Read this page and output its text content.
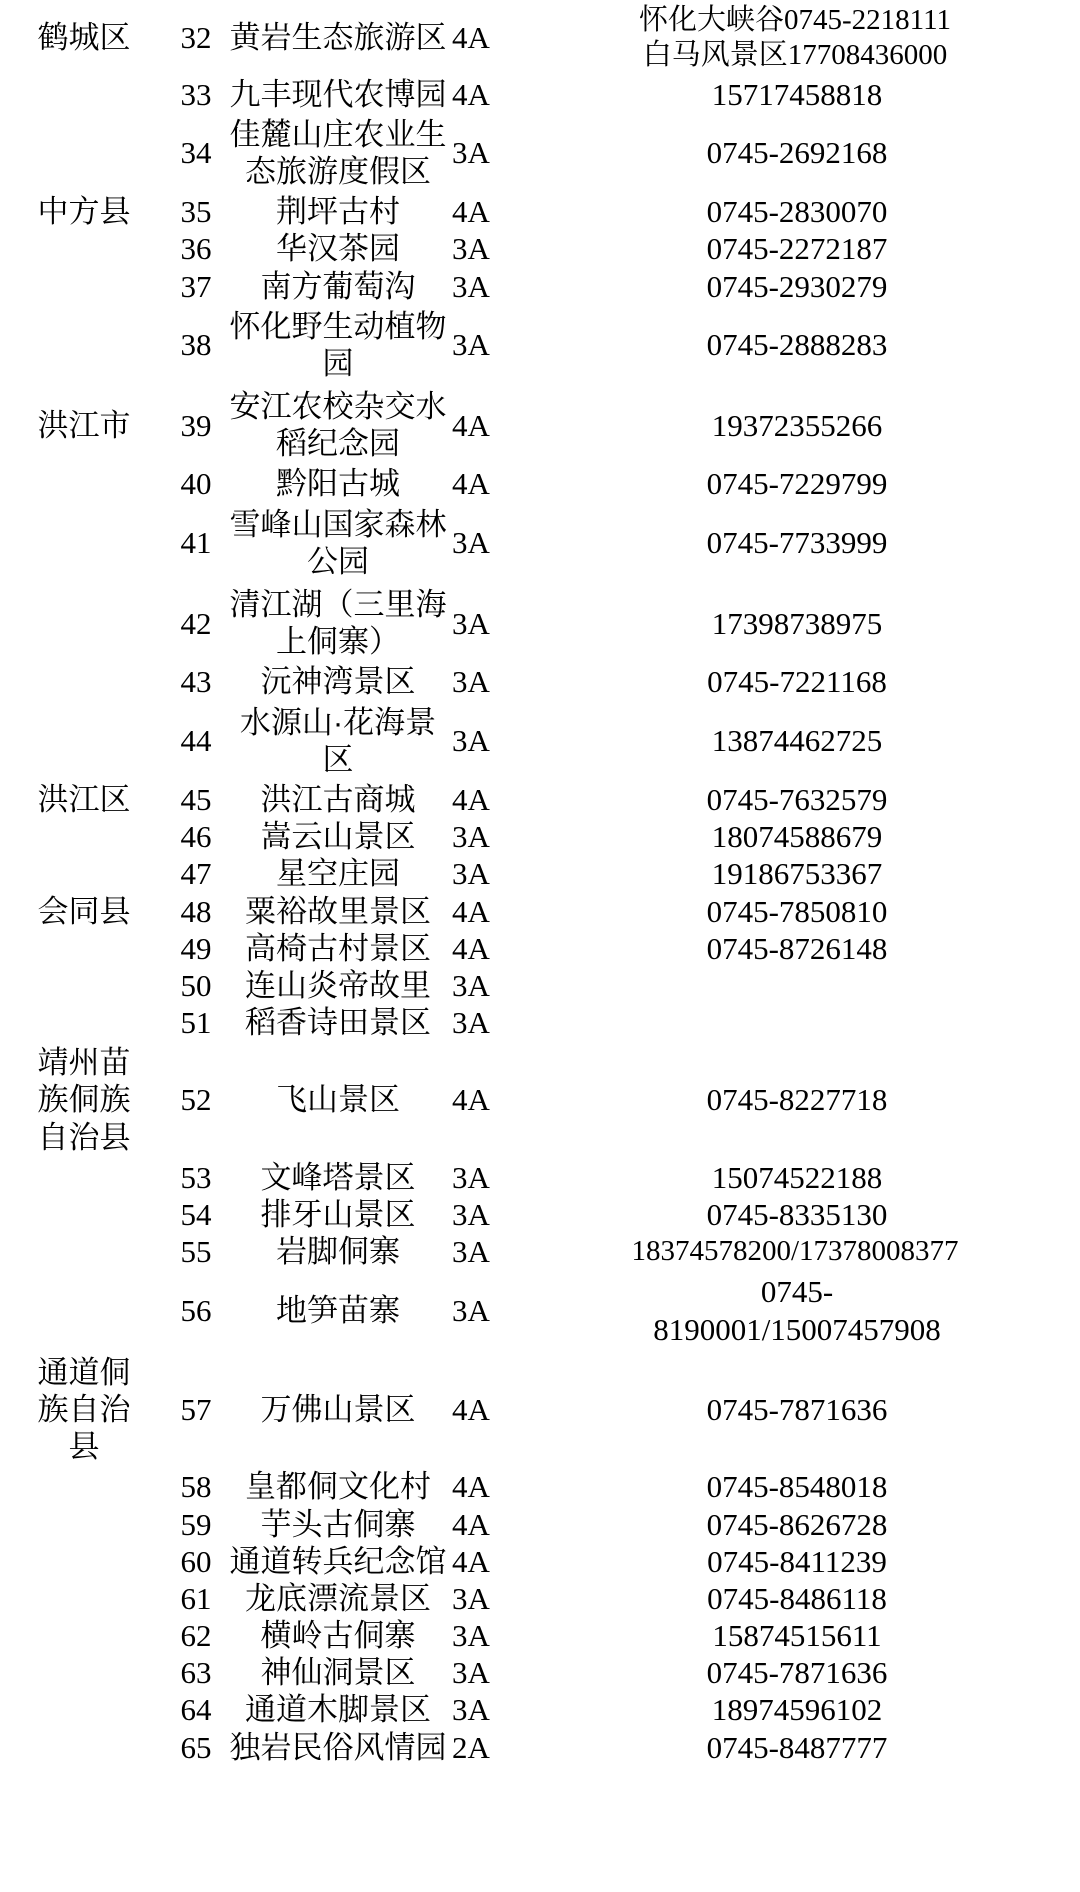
鹤城区	32	黄岩生态旅游区	4A	怀化大峡谷0745-2218111
白马风景区17708436000

	33	九丰现代农博园	4A	15717458818

	34	佳麓山庄农业生
态旅游度假区	3A	0745-2692168

中方县	35	荆坪古村	4A	0745-2830070

	36	华汉茶园	3A	0745-2272187

	37	南方葡萄沟	3A	0745-2930279

	38	怀化野生动植物
园	3A	0745-2888283

洪江市	39	安江农校杂交水
稻纪念园	4A	19372355266

	40	黔阳古城	4A	0745-7229799

	41	雪峰山国家森林
公园	3A	0745-7733999

	42	清江湖（三里海
上侗寨）	3A	17398738975

	43	沅神湾景区	3A	0745-7221168

	44	水源山·花海景
区	3A	13874462725

洪江区	45	洪江古商城	4A	0745-7632579

	46	嵩云山景区	3A	18074588679

	47	星空庄园	3A	19186753367

会同县	48	粟裕故里景区	4A	0745-7850810

	49	高椅古村景区	4A	0745-8726148

	50	连山炎帝故里	3A	

	51	稻香诗田景区	3A	

靖州苗
族侗族
自治县	52	飞山景区	4A	0745-8227718

	53	文峰塔景区	3A	15074522188

	54	排牙山景区	3A	0745-8335130

	55	岩脚侗寨	3A	18374578200/17378008377

	56	地笋苗寨	3A	0745-
8190001/15007457908

通道侗
族自治
县	57	万佛山景区	4A	0745-7871636

	58	皇都侗文化村	4A	0745-8548018

	59	芋头古侗寨	4A	0745-8626728

	60	通道转兵纪念馆	4A	0745-8411239

	61	龙底漂流景区	3A	0745-8486118

	62	横岭古侗寨	3A	15874515611

	63	神仙洞景区	3A	0745-7871636

	64	通道木脚景区	3A	18974596102

	65	独岩民俗风情园	2A	0745-8487777
